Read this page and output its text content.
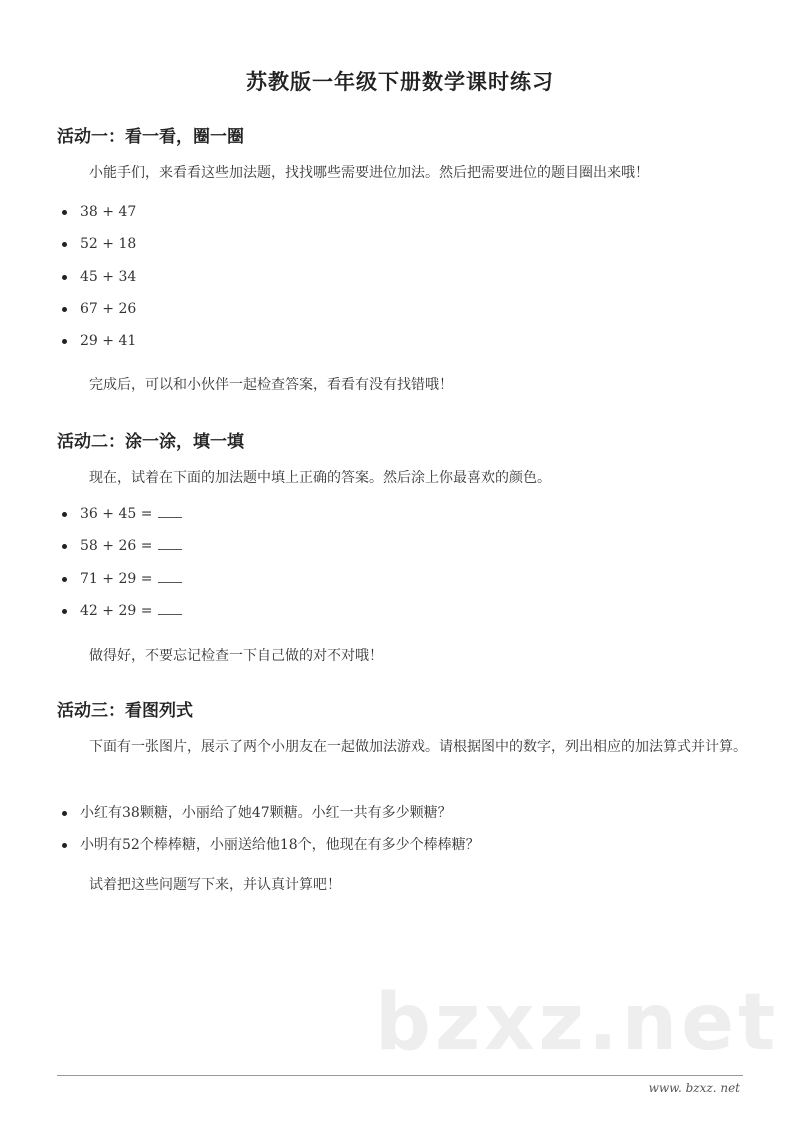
苏教版一年级下册数学课时练习
活动一：看一看，圈一圈
小能手们，来看看这些加法题，找找哪些需要进位加法。然后把需要进位的题目圈出来哦！
38 + 47
52 + 18
45 + 34
67 + 26
29 + 41
完成后，可以和小伙伴一起检查答案，看看有没有找错哦！
活动二：涂一涂，填一填
现在，试着在下面的加法题中填上正确的答案。然后涂上你最喜欢的颜色。
36 + 45 =
58 + 26 =
71 + 29 =
42 + 29 =
做得好，不要忘记检查一下自己做的对不对哦！
活动三：看图列式
下面有一张图片，展示了两个小朋友在一起做加法游戏。请根据图中的数字，列出相应的加法算式并计算。
小红有38颗糖，小丽给了她47颗糖。小红一共有多少颗糖？
小明有52个棒棒糖，小丽送给他18个，他现在有多少个棒棒糖？
试着把这些问题写下来，并认真计算吧！
bzxz.net
www. bzxz. net
